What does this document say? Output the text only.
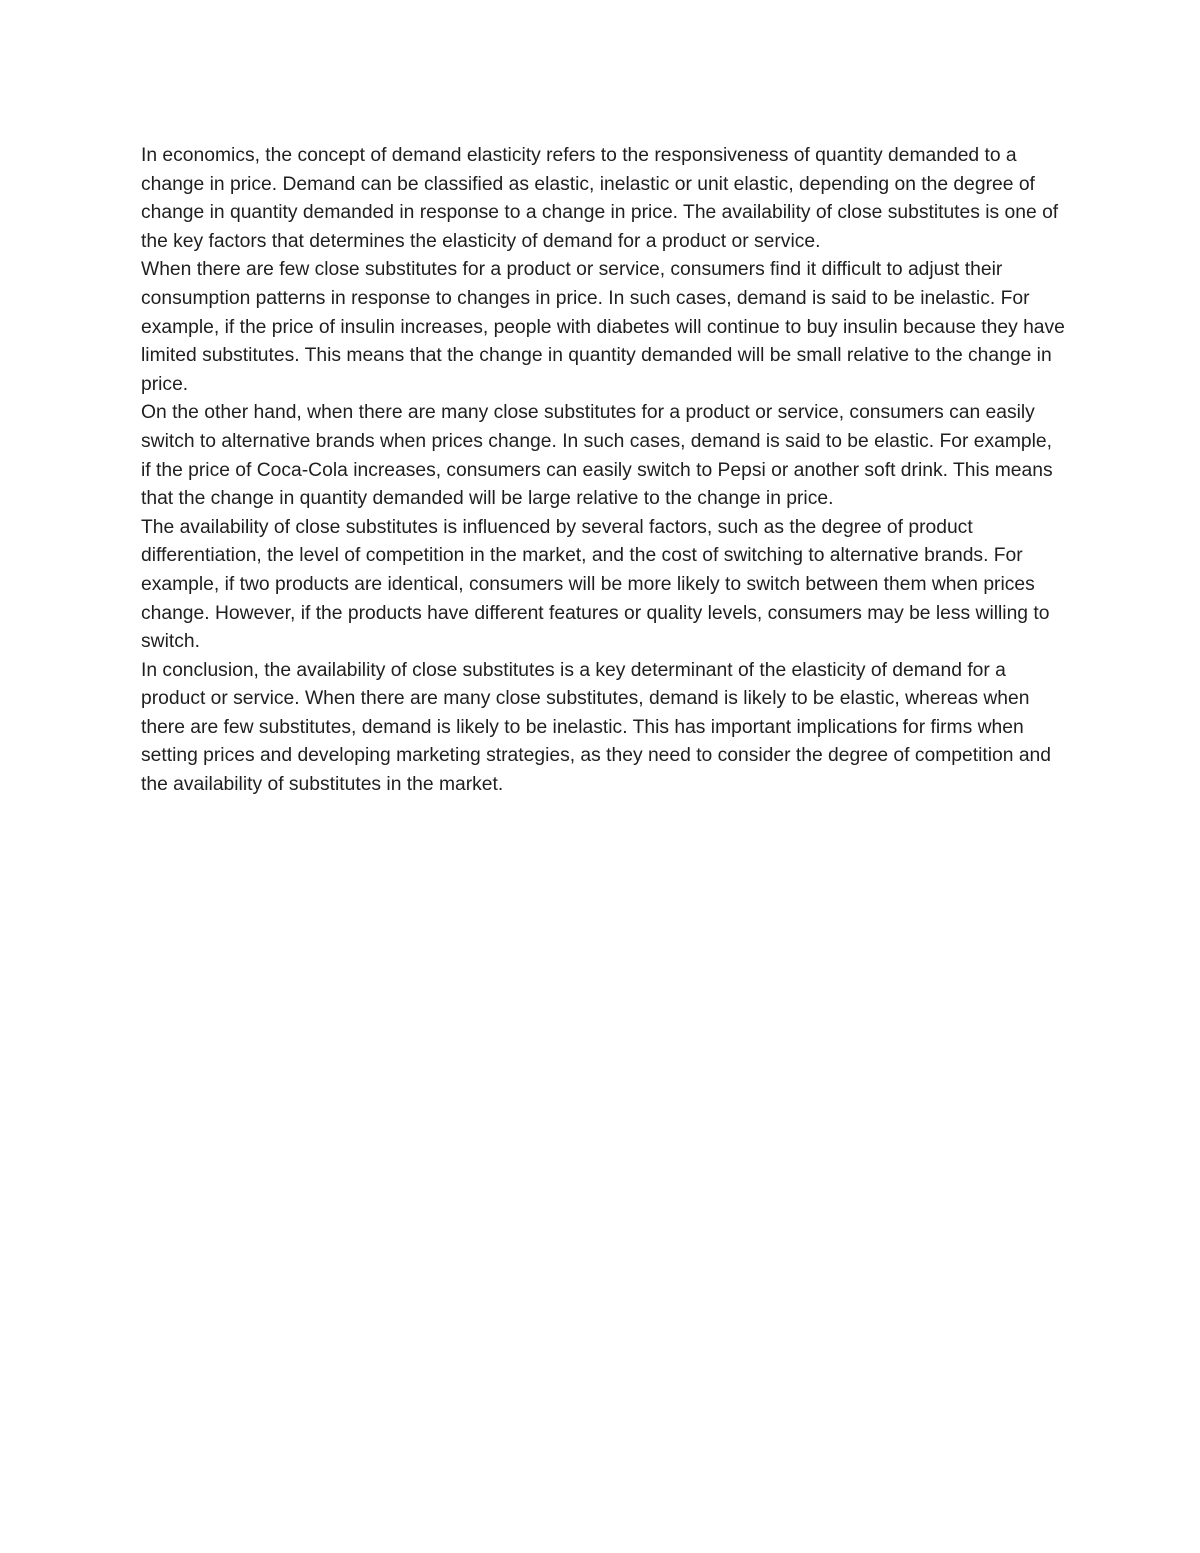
In economics, the concept of demand elasticity refers to the responsiveness of quantity demanded to a change in price. Demand can be classified as elastic, inelastic or unit elastic, depending on the degree of change in quantity demanded in response to a change in price. The availability of close substitutes is one of the key factors that determines the elasticity of demand for a product or service.

When there are few close substitutes for a product or service, consumers find it difficult to adjust their consumption patterns in response to changes in price. In such cases, demand is said to be inelastic. For example, if the price of insulin increases, people with diabetes will continue to buy insulin because they have limited substitutes. This means that the change in quantity demanded will be small relative to the change in price.

On the other hand, when there are many close substitutes for a product or service, consumers can easily switch to alternative brands when prices change. In such cases, demand is said to be elastic. For example, if the price of Coca-Cola increases, consumers can easily switch to Pepsi or another soft drink. This means that the change in quantity demanded will be large relative to the change in price.

The availability of close substitutes is influenced by several factors, such as the degree of product differentiation, the level of competition in the market, and the cost of switching to alternative brands. For example, if two products are identical, consumers will be more likely to switch between them when prices change. However, if the products have different features or quality levels, consumers may be less willing to switch.

In conclusion, the availability of close substitutes is a key determinant of the elasticity of demand for a product or service. When there are many close substitutes, demand is likely to be elastic, whereas when there are few substitutes, demand is likely to be inelastic. This has important implications for firms when setting prices and developing marketing strategies, as they need to consider the degree of competition and the availability of substitutes in the market.
